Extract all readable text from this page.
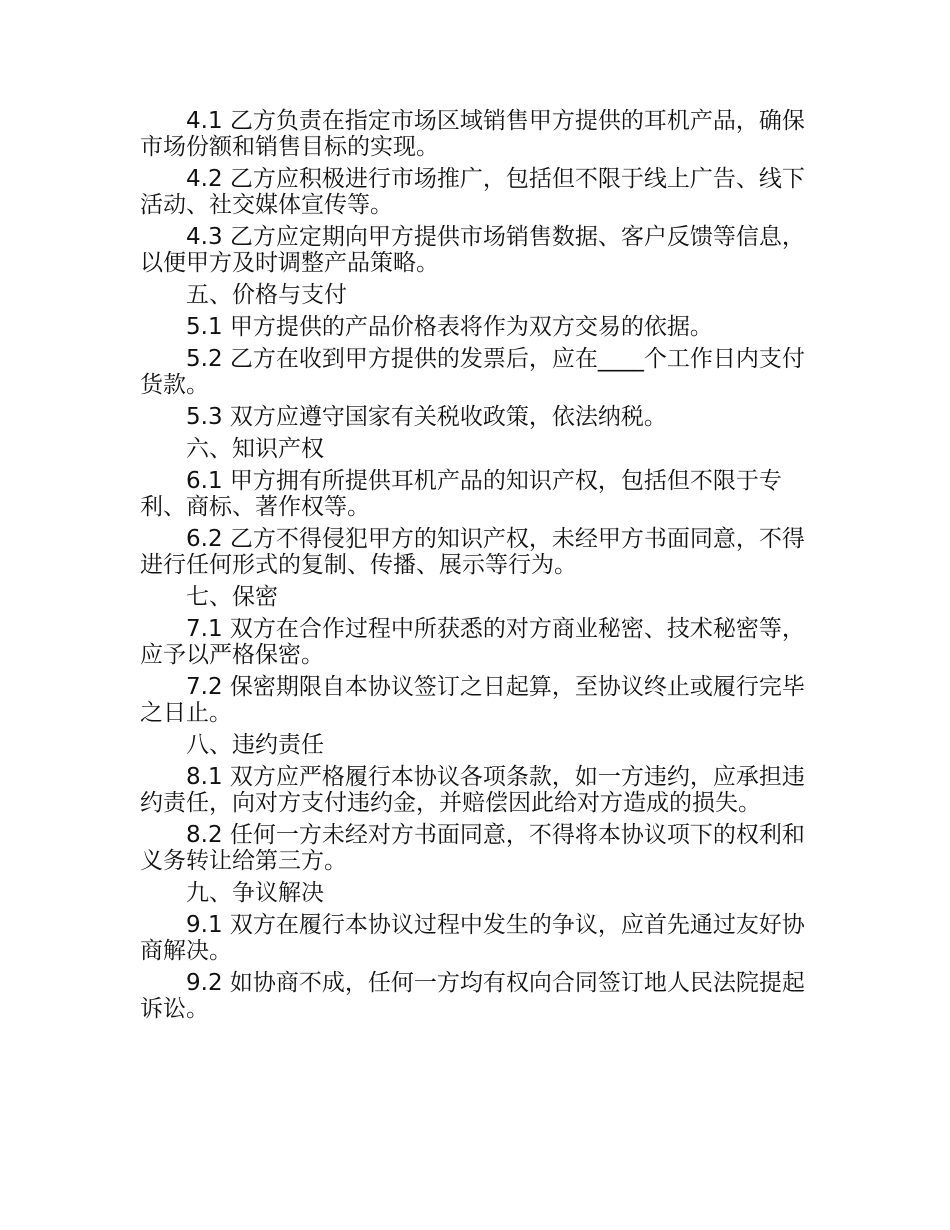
4.1 乙方负责在指定市场区域销售甲方提供的耳机产品，确保市场份额和销售目标的实现。

4.2 乙方应积极进行市场推广，包括但不限于线上广告、线下活动、社交媒体宣传等。

4.3 乙方应定期向甲方提供市场销售数据、客户反馈等信息，以便甲方及时调整产品策略。

五、价格与支付

5.1 甲方提供的产品价格表将作为双方交易的依据。

5.2 乙方在收到甲方提供的发票后，应在____个工作日内支付货款。

5.3 双方应遵守国家有关税收政策，依法纳税。

六、知识产权

6.1 甲方拥有所提供耳机产品的知识产权，包括但不限于专利、商标、著作权等。

6.2 乙方不得侵犯甲方的知识产权，未经甲方书面同意，不得进行任何形式的复制、传播、展示等行为。

七、保密

7.1 双方在合作过程中所获悉的对方商业秘密、技术秘密等，应予以严格保密。

7.2 保密期限自本协议签订之日起算，至协议终止或履行完毕之日止。

八、违约责任

8.1 双方应严格履行本协议各项条款，如一方违约，应承担违约责任，向对方支付违约金，并赔偿因此给对方造成的损失。

8.2 任何一方未经对方书面同意，不得将本协议项下的权利和义务转让给第三方。

九、争议解决

9.1 双方在履行本协议过程中发生的争议，应首先通过友好协商解决。

9.2 如协商不成，任何一方均有权向合同签订地人民法院提起诉讼。
